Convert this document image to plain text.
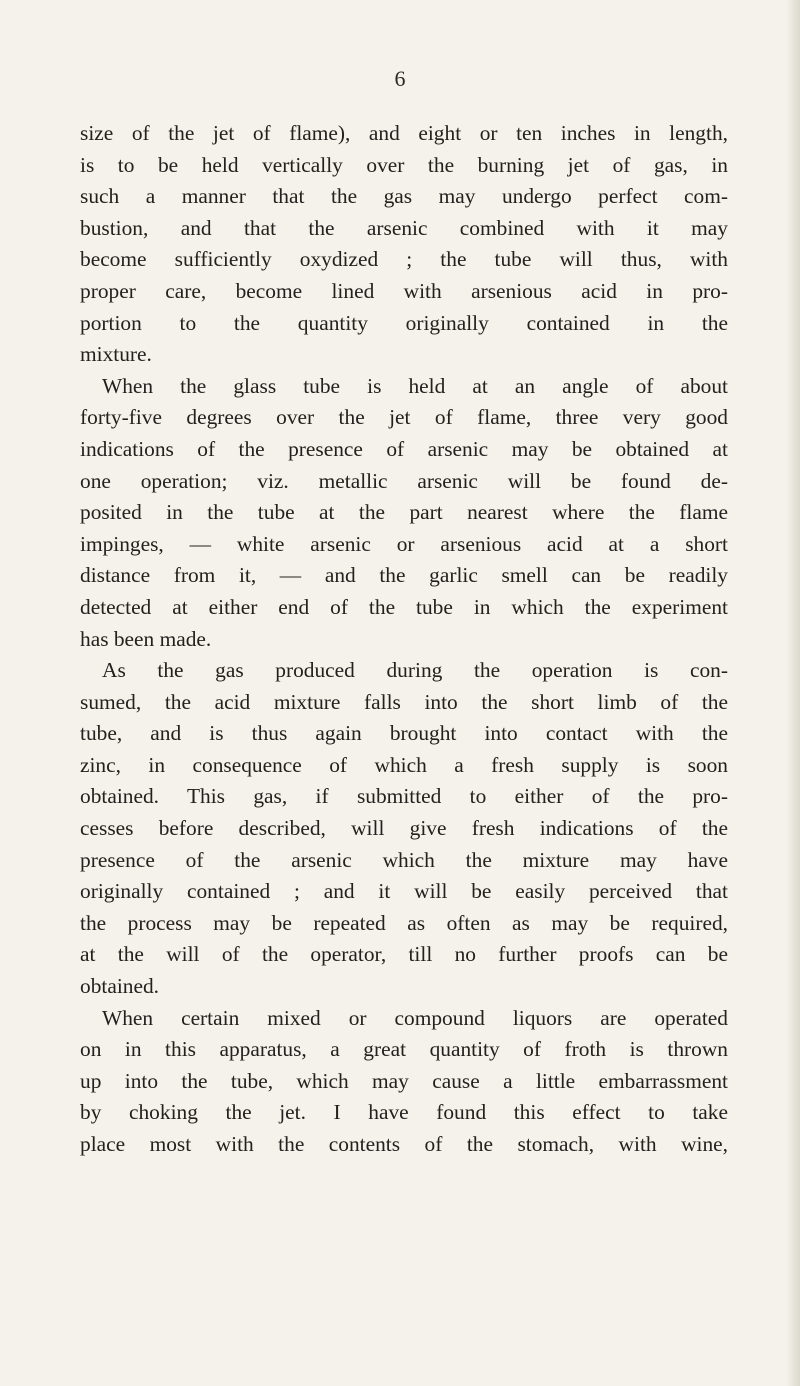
6

size of the jet of flame), and eight or ten inches in length,
is to be held vertically over the burning jet of gas, in
such a manner that the gas may undergo perfect com-
bustion, and that the arsenic combined with it may
become sufficiently oxydized ; the tube will thus, with
proper care, become lined with arsenious acid in pro-
portion to the quantity originally contained in the
mixture.
When the glass tube is held at an angle of about
forty-five degrees over the jet of flame, three very good
indications of the presence of arsenic may be obtained at
one operation; viz. metallic arsenic will be found de-
posited in the tube at the part nearest where the flame
impinges, — white arsenic or arsenious acid at a short
distance from it, — and the garlic smell can be readily
detected at either end of the tube in which the experiment
has been made.
As the gas produced during the operation is con-
sumed, the acid mixture falls into the short limb of the
tube, and is thus again brought into contact with the
zinc, in consequence of which a fresh supply is soon
obtained. This gas, if submitted to either of the pro-
cesses before described, will give fresh indications of the
presence of the arsenic which the mixture may have
originally contained ; and it will be easily perceived that
the process may be repeated as often as may be required,
at the will of the operator, till no further proofs can be
obtained.
When certain mixed or compound liquors are operated
on in this apparatus, a great quantity of froth is thrown
up into the tube, which may cause a little embarrassment
by choking the jet. I have found this effect to take
place most with the contents of the stomach, with wine,
